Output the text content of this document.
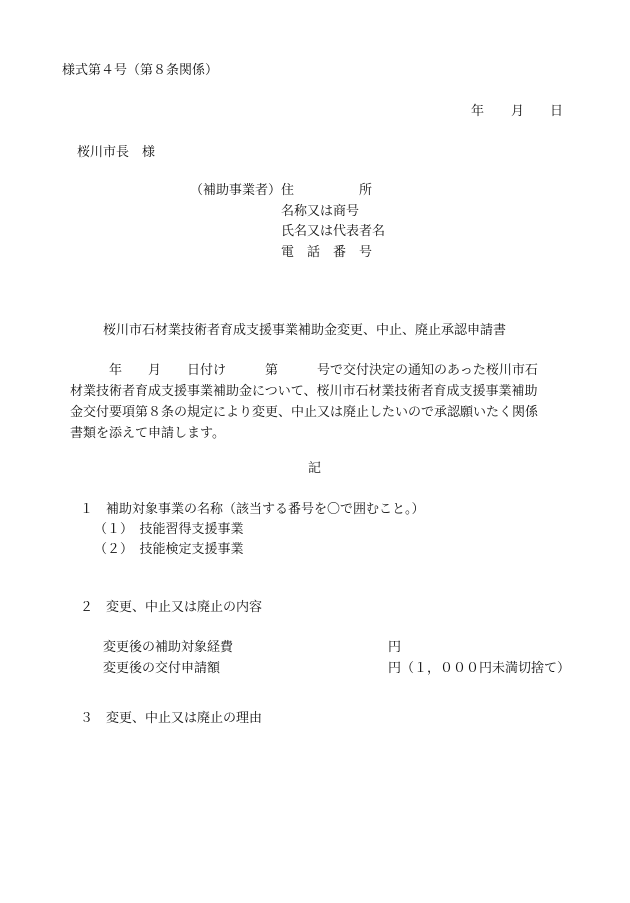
様式第４号（第８条関係）
年 月 日
桜川市長　様
（補助事業者） 住　　　　　所
名称又は商号
氏名又は代表者名
電　話　番　号
桜川市石材業技術者育成支援事業補助金変更、中止、廃止承認申請書
　　　年　　月　　日付け　　　第　　　号で交付決定の通知のあった桜川市石
材業技術者育成支援事業補助金について、桜川市石材業技術者育成支援事業補助
金交付要項第８条の規定により変更、中止又は廃止したいので承認願いたく関係
書類を添えて申請します。
記
１　補助対象事業の名称（該当する番号を〇で囲むこと。）
（１）　技能習得支援事業
（２）　技能検定支援事業
２　変更、中止又は廃止の内容
変更後の補助対象経費	円
変更後の交付申請額	円（１，０００円未満切捨て）
３　変更、中止又は廃止の理由
